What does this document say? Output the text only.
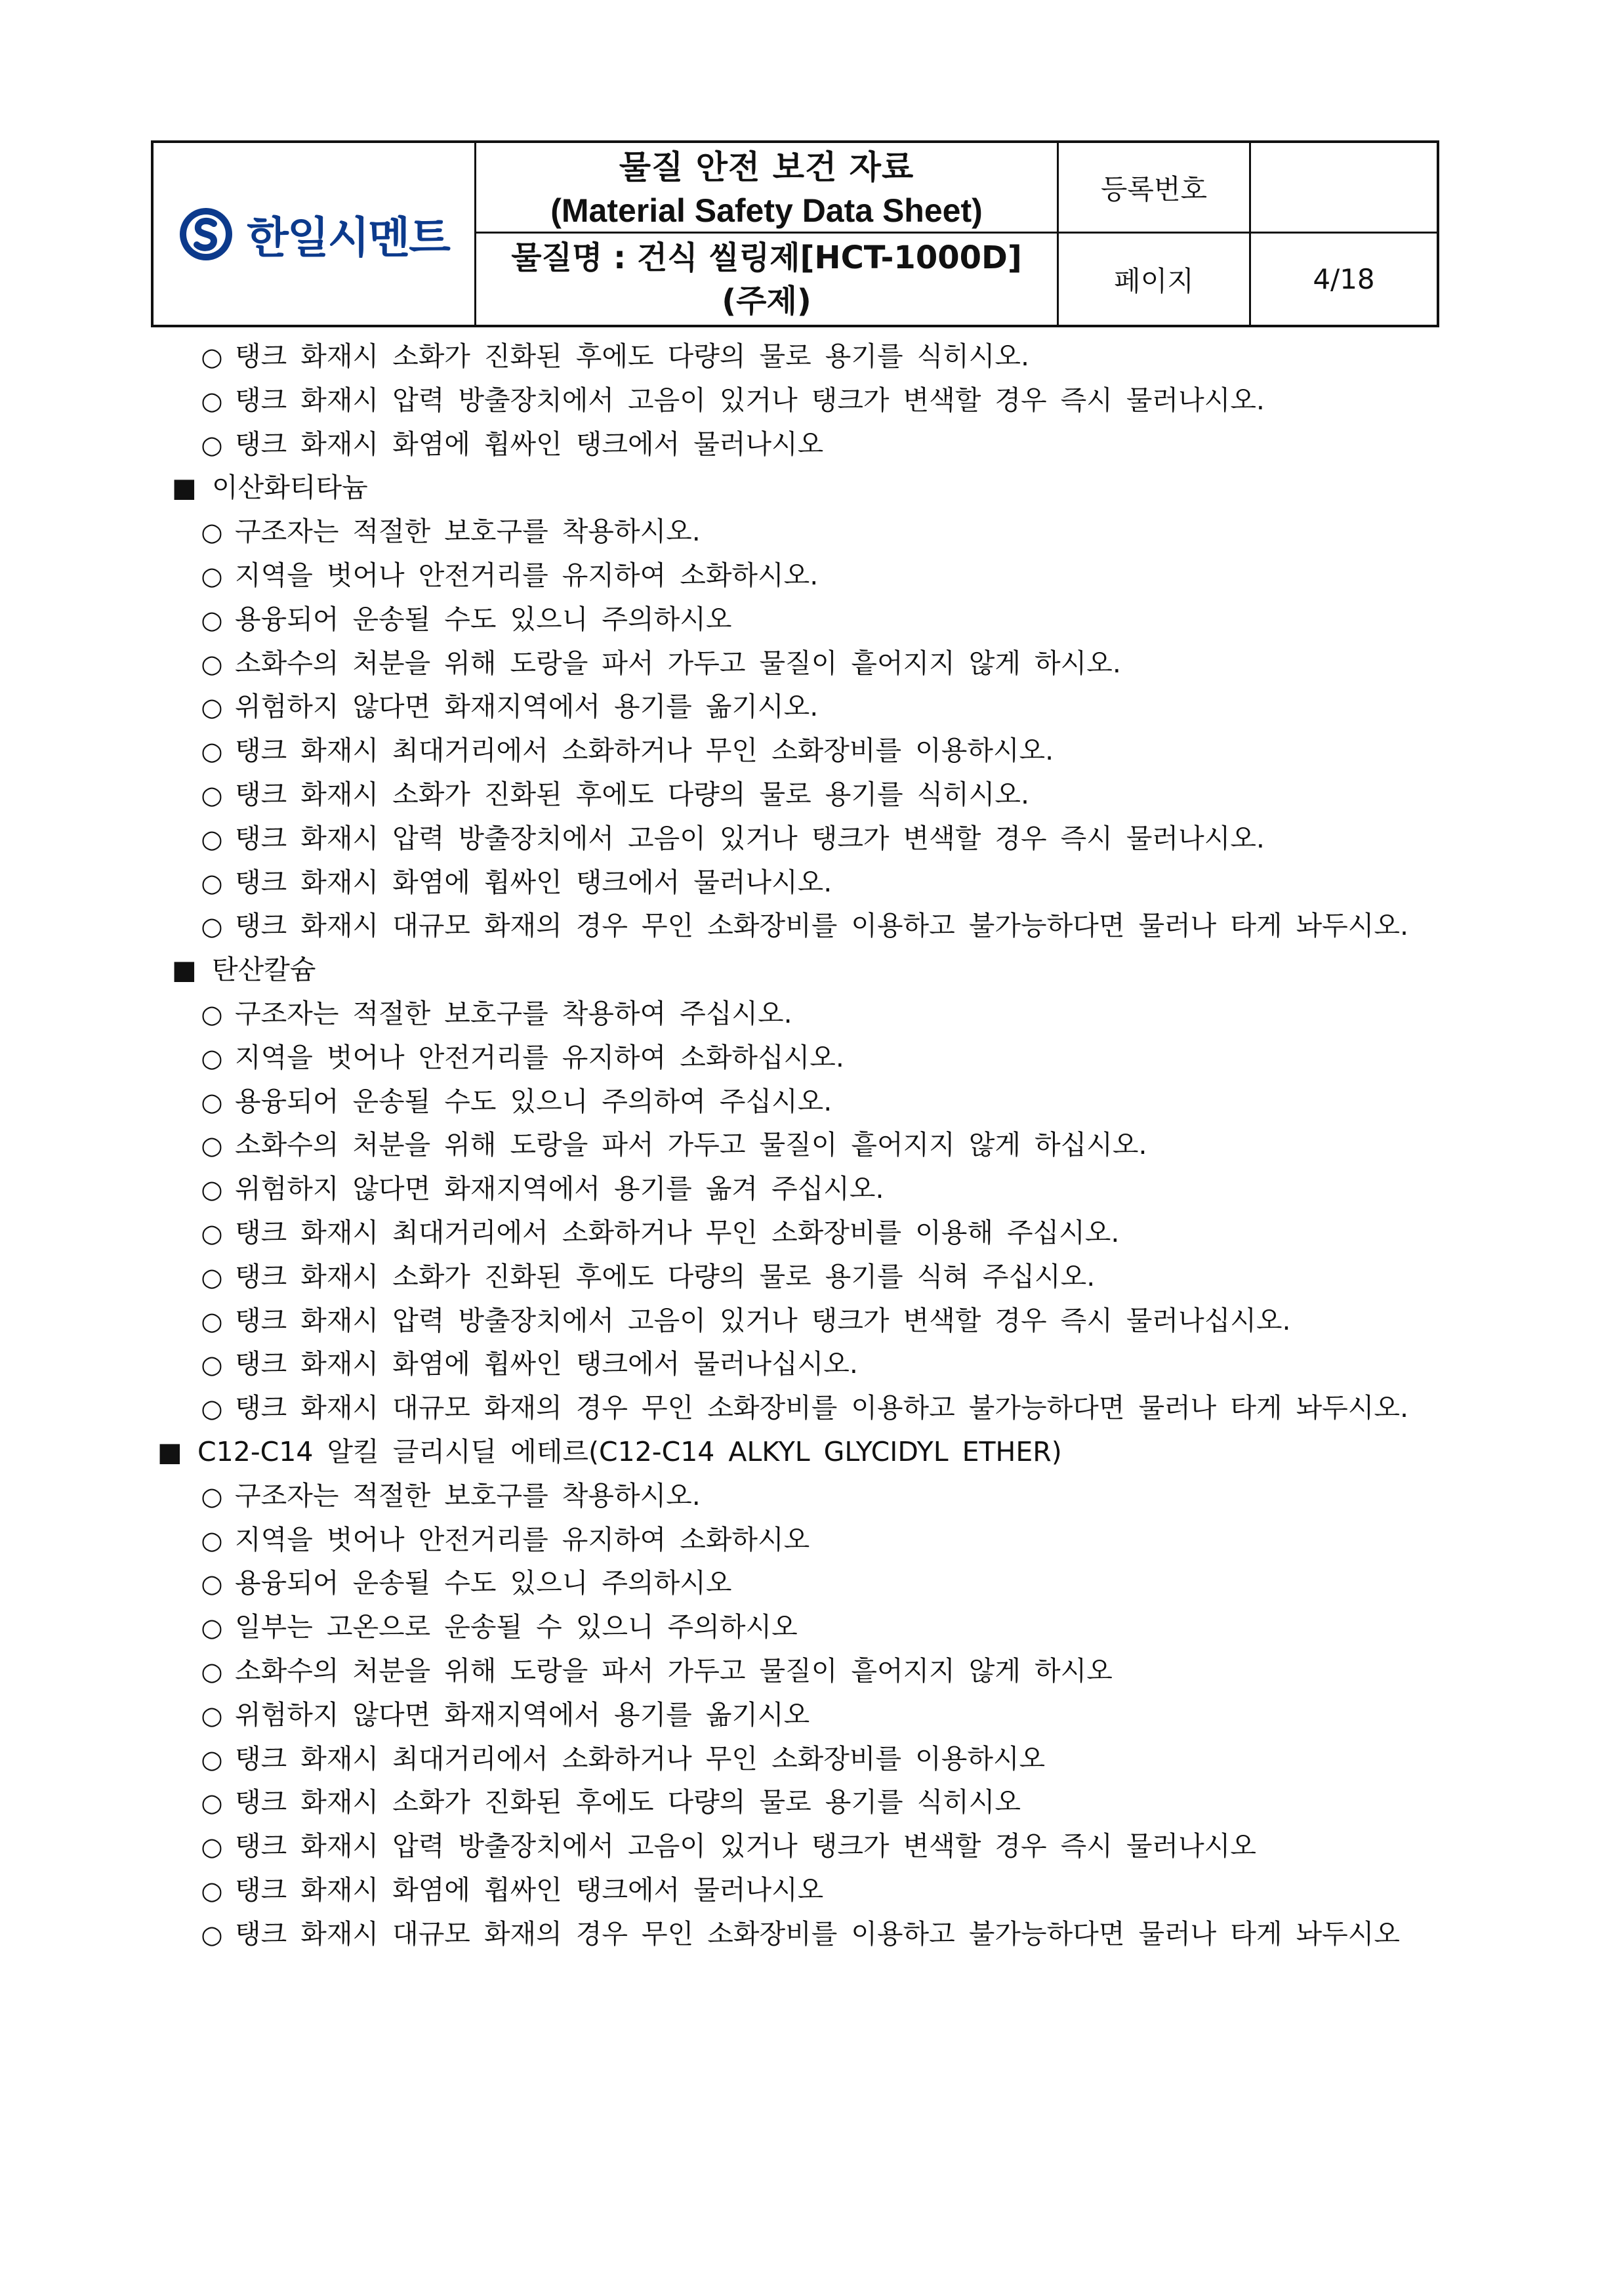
한일시멘트
물질 안전 보건 자료
(Material Safety Data Sheet)
물질명 : 건식 씰링제[HCT-1000D]
(주제)
등록번호
페이지	4/18
○ 탱크 화재시 소화가 진화된 후에도 다량의 물로 용기를 식히시오.
○ 탱크 화재시 압력 방출장치에서 고음이 있거나 탱크가 변색할 경우 즉시 물러나시오.
○ 탱크 화재시 화염에 휩싸인 탱크에서 물러나시오
■ 이산화티타늄
○ 구조자는 적절한 보호구를 착용하시오.
○ 지역을 벗어나 안전거리를 유지하여 소화하시오.
○ 용융되어 운송될 수도 있으니 주의하시오
○ 소화수의 처분을 위해 도랑을 파서 가두고 물질이 흩어지지 않게 하시오.
○ 위험하지 않다면 화재지역에서 용기를 옮기시오.
○ 탱크 화재시 최대거리에서 소화하거나 무인 소화장비를 이용하시오.
○ 탱크 화재시 소화가 진화된 후에도 다량의 물로 용기를 식히시오.
○ 탱크 화재시 압력 방출장치에서 고음이 있거나 탱크가 변색할 경우 즉시 물러나시오.
○ 탱크 화재시 화염에 휩싸인 탱크에서 물러나시오.
○ 탱크 화재시 대규모 화재의 경우 무인 소화장비를 이용하고 불가능하다면 물러나 타게 놔두시오.
■ 탄산칼슘
○ 구조자는 적절한 보호구를 착용하여 주십시오.
○ 지역을 벗어나 안전거리를 유지하여 소화하십시오.
○ 용융되어 운송될 수도 있으니 주의하여 주십시오.
○ 소화수의 처분을 위해 도랑을 파서 가두고 물질이 흩어지지 않게 하십시오.
○ 위험하지 않다면 화재지역에서 용기를 옮겨 주십시오.
○ 탱크 화재시 최대거리에서 소화하거나 무인 소화장비를 이용해 주십시오.
○ 탱크 화재시 소화가 진화된 후에도 다량의 물로 용기를 식혀 주십시오.
○ 탱크 화재시 압력 방출장치에서 고음이 있거나 탱크가 변색할 경우 즉시 물러나십시오.
○ 탱크 화재시 화염에 휩싸인 탱크에서 물러나십시오.
○ 탱크 화재시 대규모 화재의 경우 무인 소화장비를 이용하고 불가능하다면 물러나 타게 놔두시오.
■ C12-C14 알킬 글리시딜 에테르(C12-C14 ALKYL GLYCIDYL ETHER)
○ 구조자는 적절한 보호구를 착용하시오.
○ 지역을 벗어나 안전거리를 유지하여 소화하시오
○ 용융되어 운송될 수도 있으니 주의하시오
○ 일부는 고온으로 운송될 수 있으니 주의하시오
○ 소화수의 처분을 위해 도랑을 파서 가두고 물질이 흩어지지 않게 하시오
○ 위험하지 않다면 화재지역에서 용기를 옮기시오
○ 탱크 화재시 최대거리에서 소화하거나 무인 소화장비를 이용하시오
○ 탱크 화재시 소화가 진화된 후에도 다량의 물로 용기를 식히시오
○ 탱크 화재시 압력 방출장치에서 고음이 있거나 탱크가 변색할 경우 즉시 물러나시오
○ 탱크 화재시 화염에 휩싸인 탱크에서 물러나시오
○ 탱크 화재시 대규모 화재의 경우 무인 소화장비를 이용하고 불가능하다면 물러나 타게 놔두시오
